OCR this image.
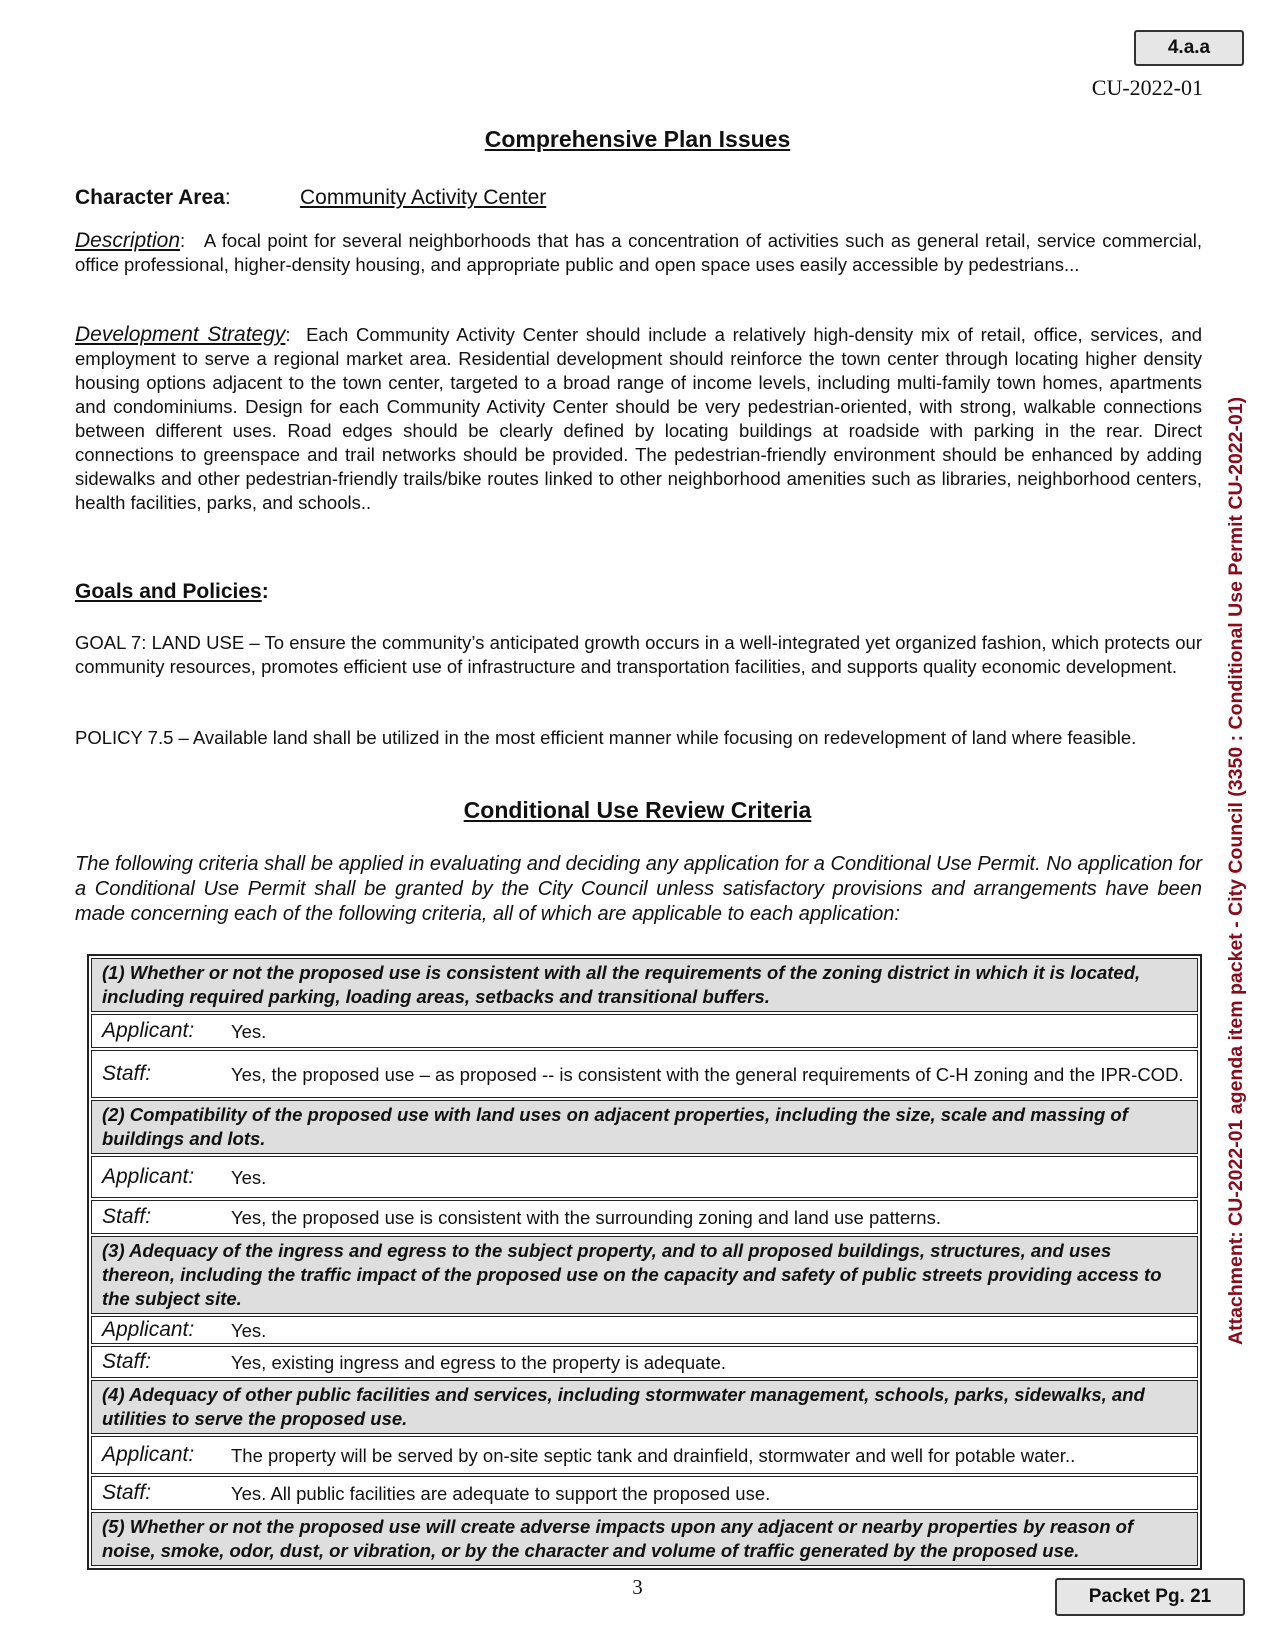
4.a.a
CU-2022-01
Comprehensive Plan Issues
Character Area:	Community Activity Center
Description:   A focal point for several neighborhoods that has a concentration of activities such as general retail, service commercial, office professional, higher-density housing, and appropriate public and open space uses easily accessible by pedestrians...
Development Strategy:  Each Community Activity Center should include a relatively high-density mix of retail, office, services, and employment to serve a regional market area. Residential development should reinforce the town center through locating higher density housing options adjacent to the town center, targeted to a broad range of income levels, including multi-family town homes, apartments and condominiums. Design for each Community Activity Center should be very pedestrian-oriented, with strong, walkable connections between different uses. Road edges should be clearly defined by locating buildings at roadside with parking in the rear. Direct connections to greenspace and trail networks should be provided. The pedestrian-friendly environment should be enhanced by adding sidewalks and other pedestrian-friendly trails/bike routes linked to other neighborhood amenities such as libraries, neighborhood centers, health facilities, parks, and schools..
Goals and Policies:
GOAL 7: LAND USE – To ensure the community’s anticipated growth occurs in a well-integrated yet organized fashion, which protects our community resources, promotes efficient use of infrastructure and transportation facilities, and supports quality economic development.
POLICY 7.5 – Available land shall be utilized in the most efficient manner while focusing on redevelopment of land where feasible.
Conditional Use Review Criteria
The following criteria shall be applied in evaluating and deciding any application for a Conditional Use Permit. No application for a Conditional Use Permit shall be granted by the City Council unless satisfactory provisions and arrangements have been made concerning each of the following criteria, all of which are applicable to each application:
(1) Whether or not the proposed use is consistent with all the requirements of the zoning district in which it is located, including required parking, loading areas, setbacks and transitional buffers.
Applicant:	Yes.
Staff:	Yes, the proposed use – as proposed -- is consistent with the general requirements of C-H zoning and the IPR-COD.
(2) Compatibility of the proposed use with land uses on adjacent properties, including the size, scale and massing of buildings and lots.
Applicant:	Yes.
Staff:	Yes, the proposed use is consistent with the surrounding zoning and land use patterns.
(3) Adequacy of the ingress and egress to the subject property, and to all proposed buildings, structures, and uses thereon, including the traffic impact of the proposed use on the capacity and safety of public streets providing access to the subject site.
Applicant:	Yes.
Staff:	Yes, existing ingress and egress to the property is adequate.
(4) Adequacy of other public facilities and services, including stormwater management, schools, parks, sidewalks, and utilities to serve the proposed use.
Applicant:	The property will be served by on-site septic tank and drainfield, stormwater and well for potable water..
Staff:	Yes. All public facilities are adequate to support the proposed use.
(5) Whether or not the proposed use will create adverse impacts upon any adjacent or nearby properties by reason of noise, smoke, odor, dust, or vibration, or by the character and volume of traffic generated by the proposed use.
Attachment: CU-2022-01 agenda item packet - City Council (3350 : Conditional Use Permit CU-2022-01)
3	Packet Pg. 21
